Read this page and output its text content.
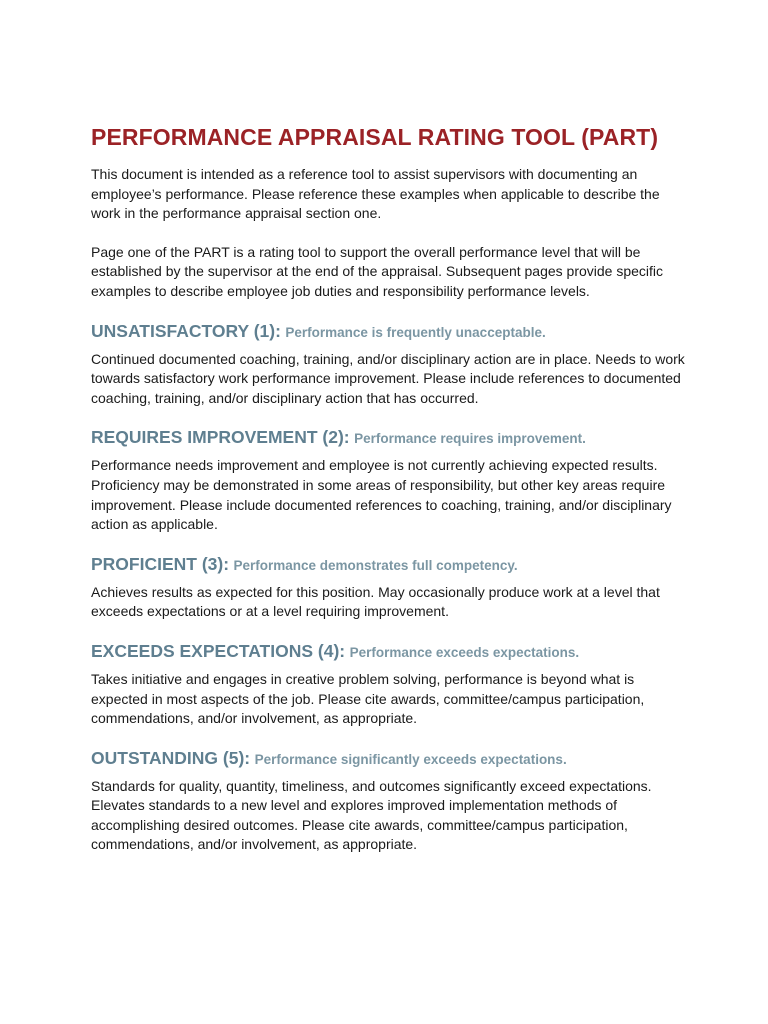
PERFORMANCE APPRAISAL RATING TOOL (PART)

This document is intended as a reference tool to assist supervisors with documenting an employee’s performance. Please reference these examples when applicable to describe the work in the performance appraisal section one.

Page one of the PART is a rating tool to support the overall performance level that will be established by the supervisor at the end of the appraisal. Subsequent pages provide specific examples to describe employee job duties and responsibility performance levels.

UNSATISFACTORY (1): Performance is frequently unacceptable.

Continued documented coaching, training, and/or disciplinary action are in place. Needs to work towards satisfactory work performance improvement. Please include references to documented coaching, training, and/or disciplinary action that has occurred.

REQUIRES IMPROVEMENT (2): Performance requires improvement.

Performance needs improvement and employee is not currently achieving expected results. Proficiency may be demonstrated in some areas of responsibility, but other key areas require improvement. Please include documented references to coaching, training, and/or disciplinary action as applicable.

PROFICIENT (3): Performance demonstrates full competency.

Achieves results as expected for this position. May occasionally produce work at a level that exceeds expectations or at a level requiring improvement.

EXCEEDS EXPECTATIONS (4): Performance exceeds expectations.

Takes initiative and engages in creative problem solving, performance is beyond what is expected in most aspects of the job. Please cite awards, committee/campus participation, commendations, and/or involvement, as appropriate.

OUTSTANDING (5): Performance significantly exceeds expectations.

Standards for quality, quantity, timeliness, and outcomes significantly exceed expectations. Elevates standards to a new level and explores improved implementation methods of accomplishing desired outcomes. Please cite awards, committee/campus participation, commendations, and/or involvement, as appropriate.
